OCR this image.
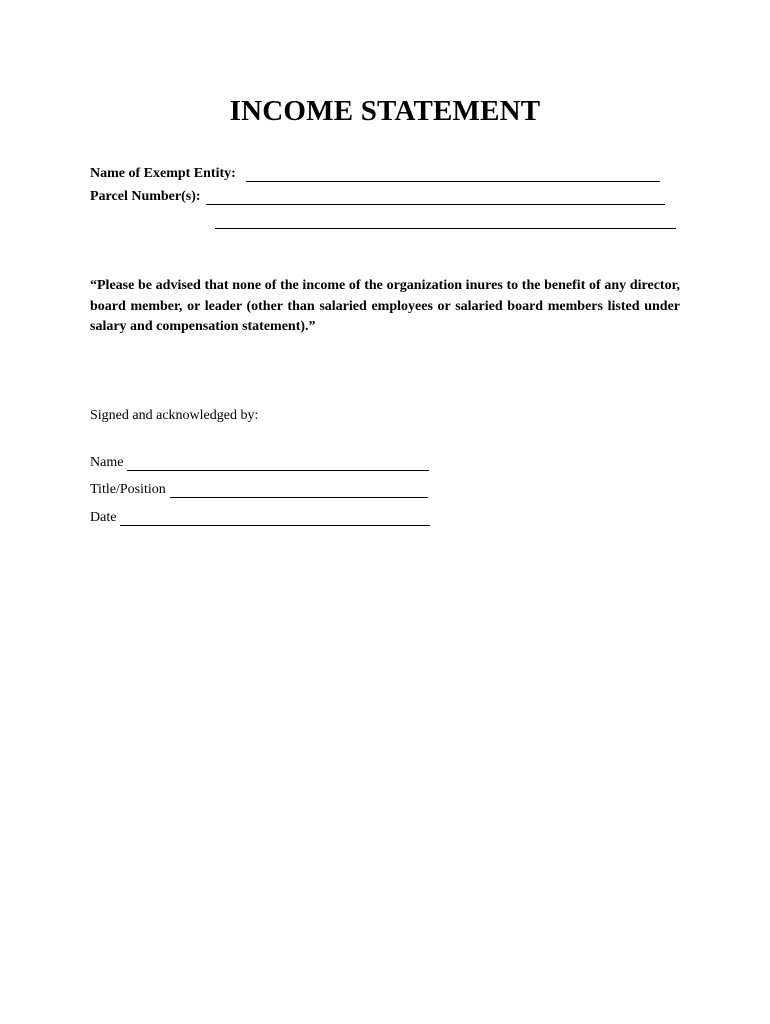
INCOME STATEMENT
Name of Exempt Entity:
Parcel Number(s):

“Please be advised that none of the income of the organization inures to the benefit of any director, board member, or leader (other than salaried employees or salaried board members listed under salary and compensation statement).”

Signed and acknowledged by:

Name
Title/Position
Date
